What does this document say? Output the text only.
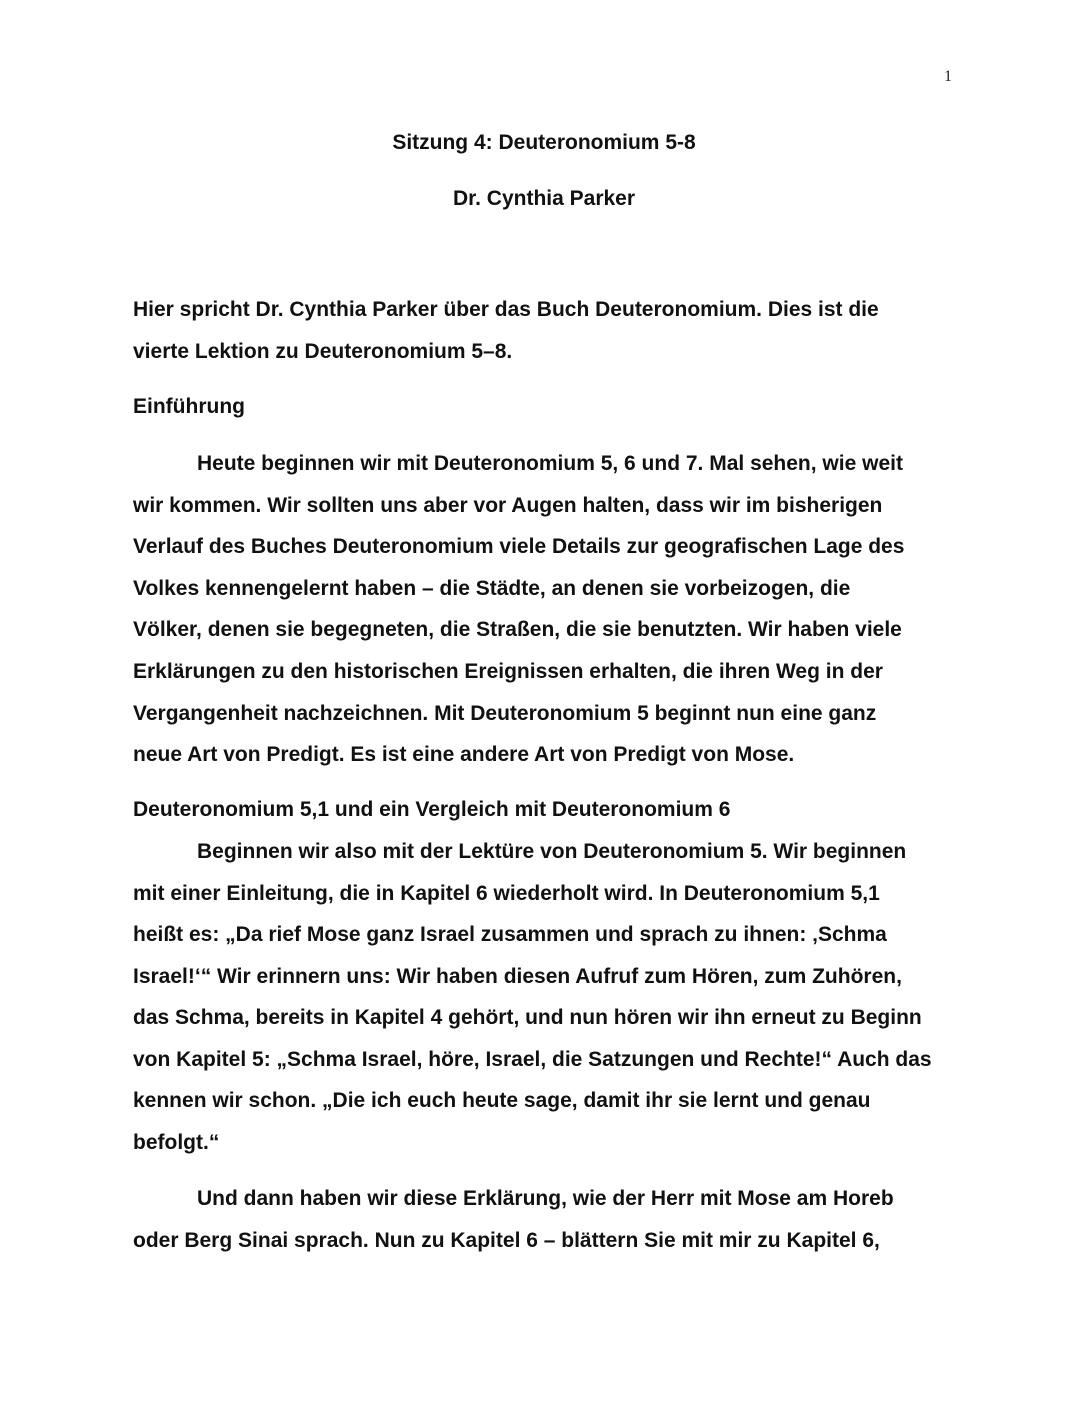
1
Sitzung 4: Deuteronomium 5-8
Dr. Cynthia Parker
Hier spricht Dr. Cynthia Parker über das Buch Deuteronomium. Dies ist die
vierte Lektion zu Deuteronomium 5–8.
Einführung
Heute beginnen wir mit Deuteronomium 5, 6 und 7. Mal sehen, wie weit
wir kommen. Wir sollten uns aber vor Augen halten, dass wir im bisherigen
Verlauf des Buches Deuteronomium viele Details zur geografischen Lage des
Volkes kennengelernt haben – die Städte, an denen sie vorbeizogen, die
Völker, denen sie begegneten, die Straßen, die sie benutzten. Wir haben viele
Erklärungen zu den historischen Ereignissen erhalten, die ihren Weg in der
Vergangenheit nachzeichnen. Mit Deuteronomium 5 beginnt nun eine ganz
neue Art von Predigt. Es ist eine andere Art von Predigt von Mose.
Deuteronomium 5,1 und ein Vergleich mit Deuteronomium 6
Beginnen wir also mit der Lektüre von Deuteronomium 5. Wir beginnen
mit einer Einleitung, die in Kapitel 6 wiederholt wird. In Deuteronomium 5,1
heißt es: „Da rief Mose ganz Israel zusammen und sprach zu ihnen: ‚Schma
Israel!‘“ Wir erinnern uns: Wir haben diesen Aufruf zum Hören, zum Zuhören,
das Schma, bereits in Kapitel 4 gehört, und nun hören wir ihn erneut zu Beginn
von Kapitel 5: „Schma Israel, höre, Israel, die Satzungen und Rechte!“ Auch das
kennen wir schon. „Die ich euch heute sage, damit ihr sie lernt und genau
befolgt.“
Und dann haben wir diese Erklärung, wie der Herr mit Mose am Horeb
oder Berg Sinai sprach. Nun zu Kapitel 6 – blättern Sie mit mir zu Kapitel 6,
